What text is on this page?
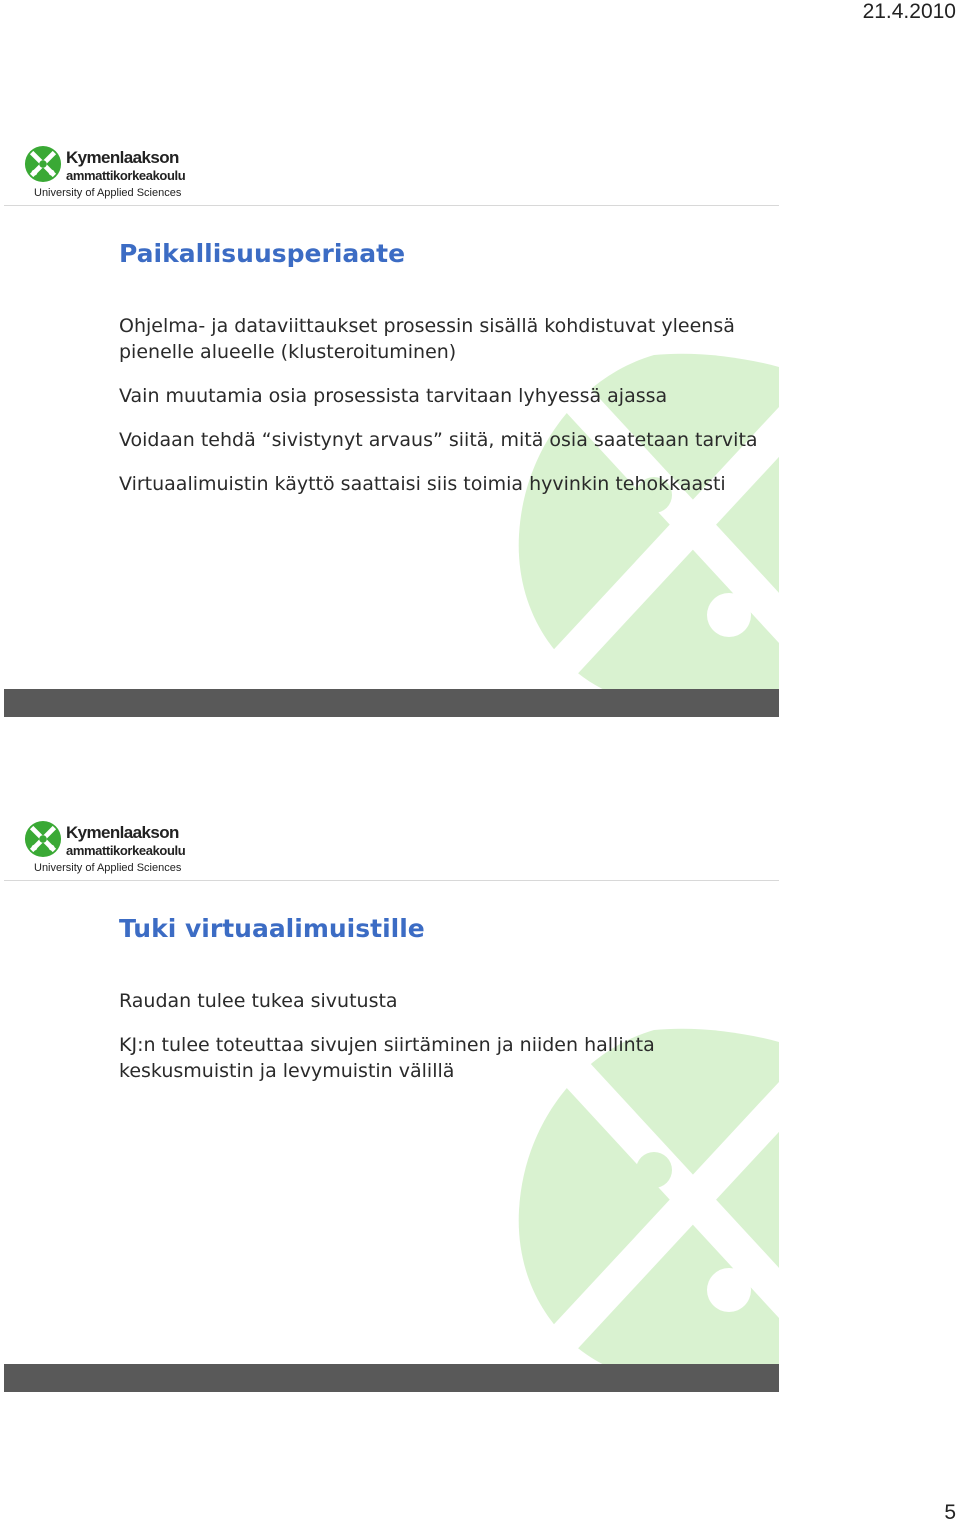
21.4.2010
Kymenlaakson
ammattikorkeakoulu
University of Applied Sciences
Paikallisuusperiaate
Ohjelma- ja dataviittaukset prosessin sisällä kohdistuvat yleensä pienelle alueelle (klusteroituminen)
Vain muutamia osia prosessista tarvitaan lyhyessä ajassa
Voidaan tehdä “sivistynyt arvaus” siitä, mitä osia saatetaan tarvita
Virtuaalimuistin käyttö saattaisi siis toimia hyvinkin tehokkaasti
Kymenlaakson
ammattikorkeakoulu
University of Applied Sciences
Tuki virtuaalimuistille
Raudan tulee tukea sivutusta
KJ:n tulee toteuttaa sivujen siirtäminen ja niiden hallinta keskusmuistin ja levymuistin välillä
5
